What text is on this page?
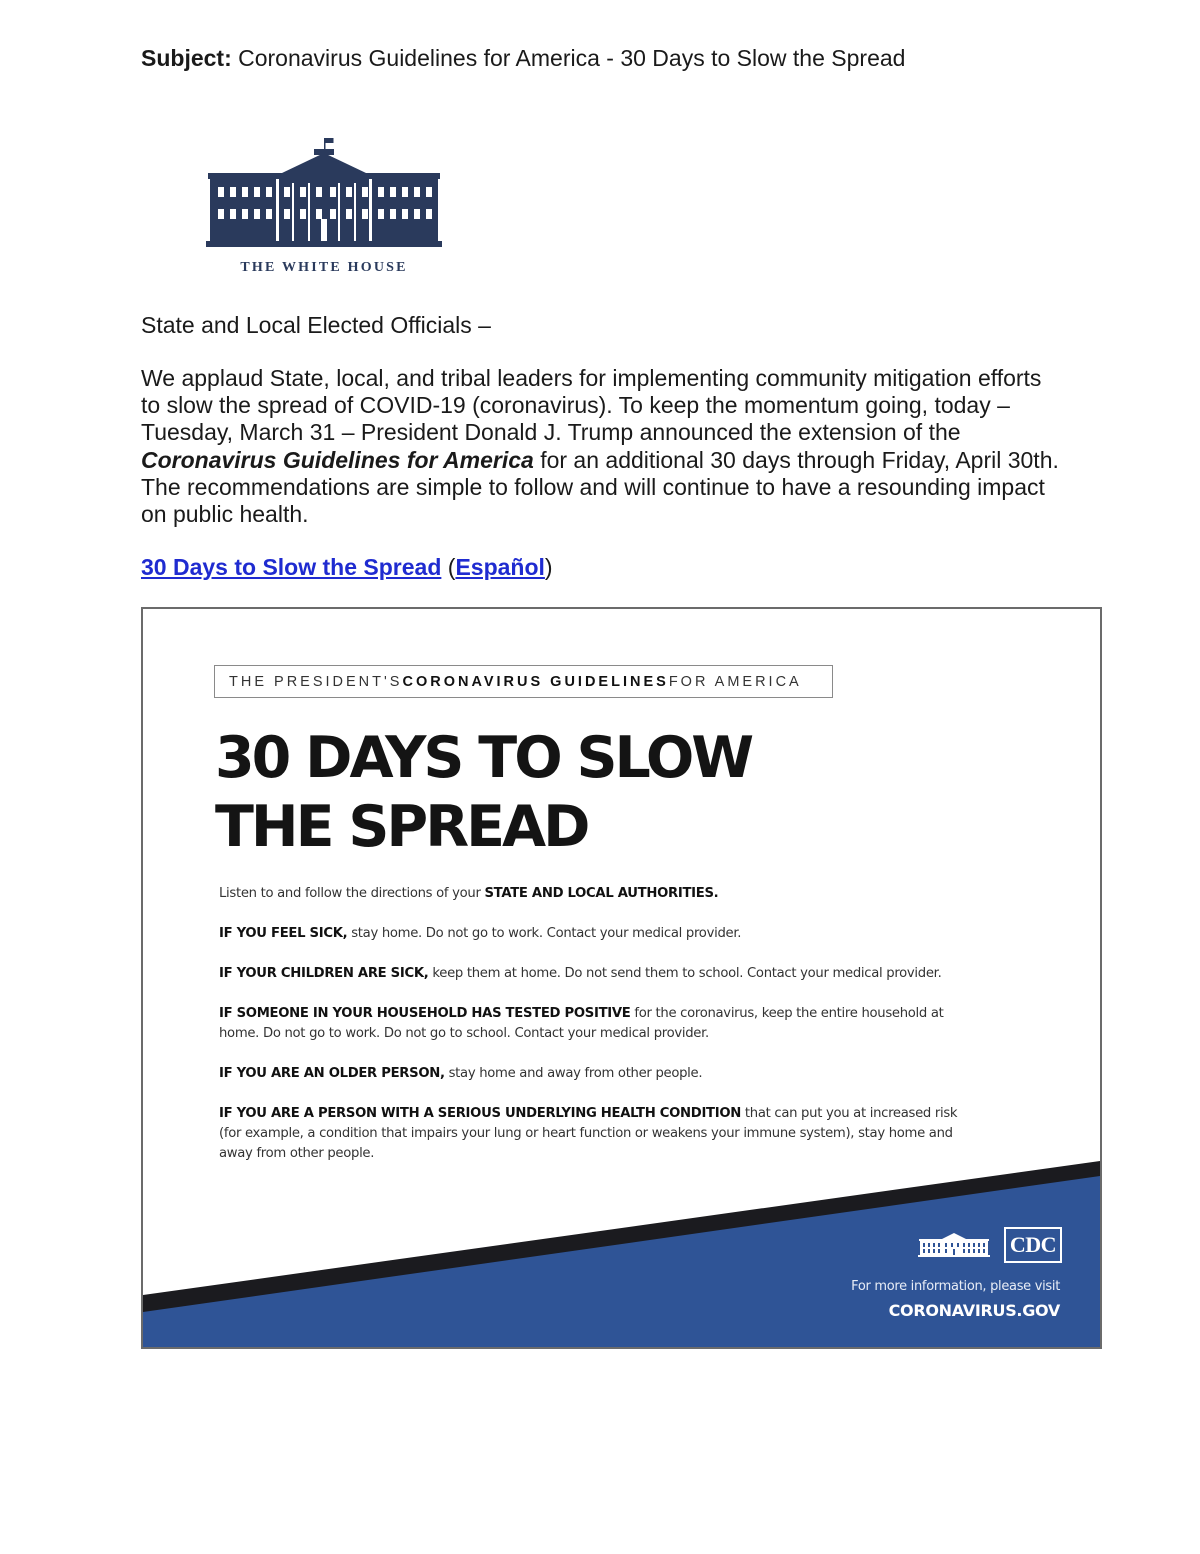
Subject: Coronavirus Guidelines for America - 30 Days to Slow the Spread
THE WHITE HOUSE
State and Local Elected Officials –
We applaud State, local, and tribal leaders for implementing community mitigation efforts to slow the spread of COVID-19 (coronavirus). To keep the momentum going, today – Tuesday, March 31 – President Donald J. Trump announced the extension of the Coronavirus Guidelines for America for an additional 30 days through Friday, April 30th. The recommendations are simple to follow and will continue to have a resounding impact on public health.
30 Days to Slow the Spread (Español)
THE PRESIDENT'S CORONAVIRUS GUIDELINES FOR AMERICA
30 DAYS TO SLOW
THE SPREAD
Listen to and follow the directions of your STATE AND LOCAL AUTHORITIES.
IF YOU FEEL SICK, stay home. Do not go to work. Contact your medical provider.
IF YOUR CHILDREN ARE SICK, keep them at home. Do not send them to school. Contact your medical provider.
IF SOMEONE IN YOUR HOUSEHOLD HAS TESTED POSITIVE for the coronavirus, keep the entire household at home. Do not go to work. Do not go to school. Contact your medical provider.
IF YOU ARE AN OLDER PERSON, stay home and away from other people.
IF YOU ARE A PERSON WITH A SERIOUS UNDERLYING HEALTH CONDITION that can put you at increased risk (for example, a condition that impairs your lung or heart function or weakens your immune system), stay home and away from other people.
CDC
For more information, please visit
CORONAVIRUS.GOV
